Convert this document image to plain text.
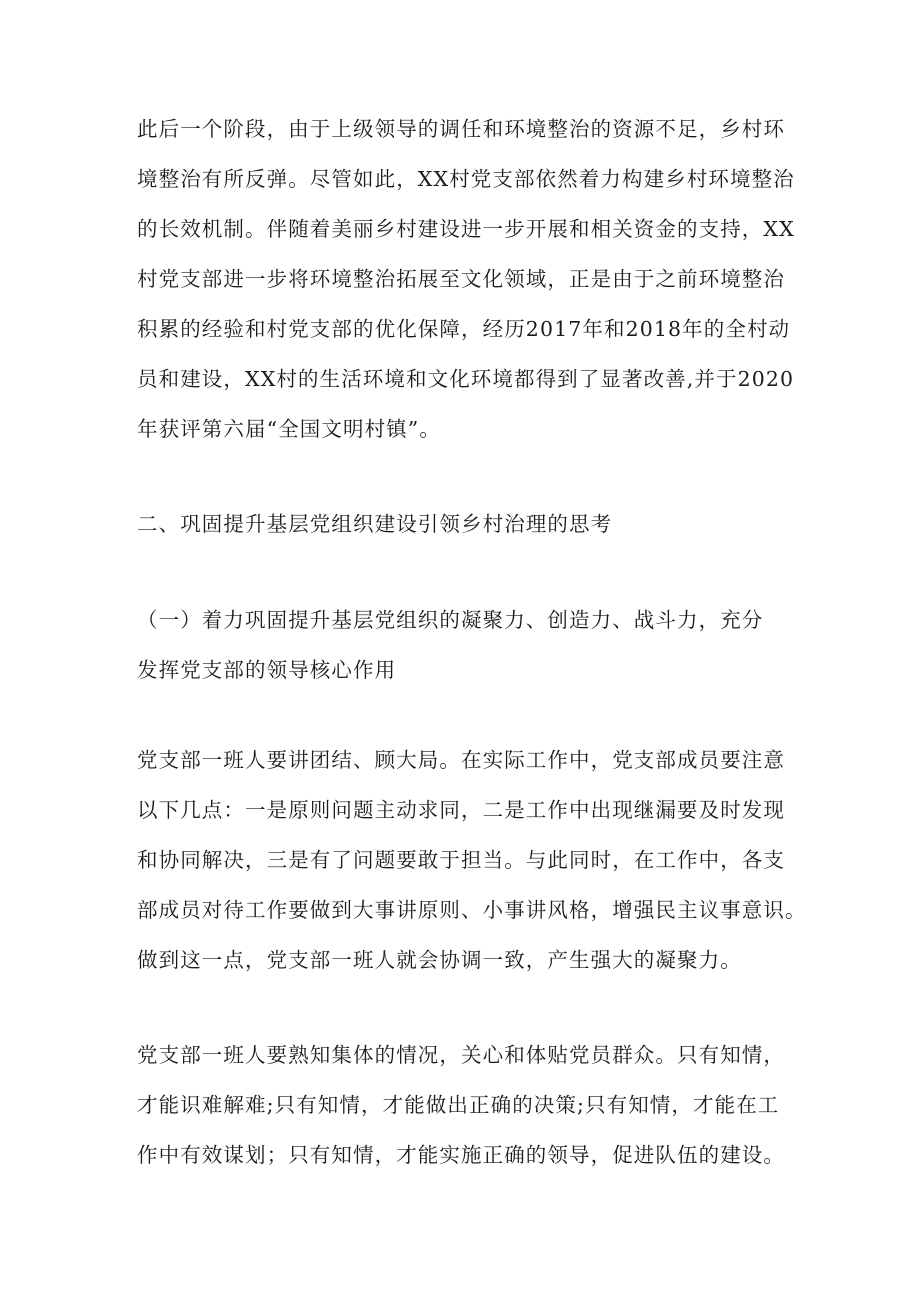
此后一个阶段，由于上级领导的调任和环境整治的资源不足，乡村环
境整治有所反弹。尽管如此，XX村党支部依然着力构建乡村环境整治
的长效机制。伴随着美丽乡村建设进一步开展和相关资金的支持，XX
村党支部进一步将环境整治拓展至文化领域，正是由于之前环境整治
积累的经验和村党支部的优化保障，经历2017年和2018年的全村动
员和建设，XX村的生活环境和文化环境都得到了显著改善,并于2020
年获评第六届“全国文明村镇”。
二、巩固提升基层党组织建设引领乡村治理的思考
（一）着力巩固提升基层党组织的凝聚力、创造力、战斗力，充分
发挥党支部的领导核心作用
党支部一班人要讲团结、顾大局。在实际工作中，党支部成员要注意
以下几点：一是原则问题主动求同，二是工作中出现继漏要及时发现
和协同解决，三是有了问题要敢于担当。与此同时，在工作中，各支
部成员对待工作要做到大事讲原则、小事讲风格，增强民主议事意识。
做到这一点，党支部一班人就会协调一致，产生强大的凝聚力。
党支部一班人要熟知集体的情况，关心和体贴党员群众。只有知情，
才能识难解难;只有知情，才能做出正确的决策;只有知情，才能在工
作中有效谋划；只有知情，才能实施正确的领导，促进队伍的建设。
